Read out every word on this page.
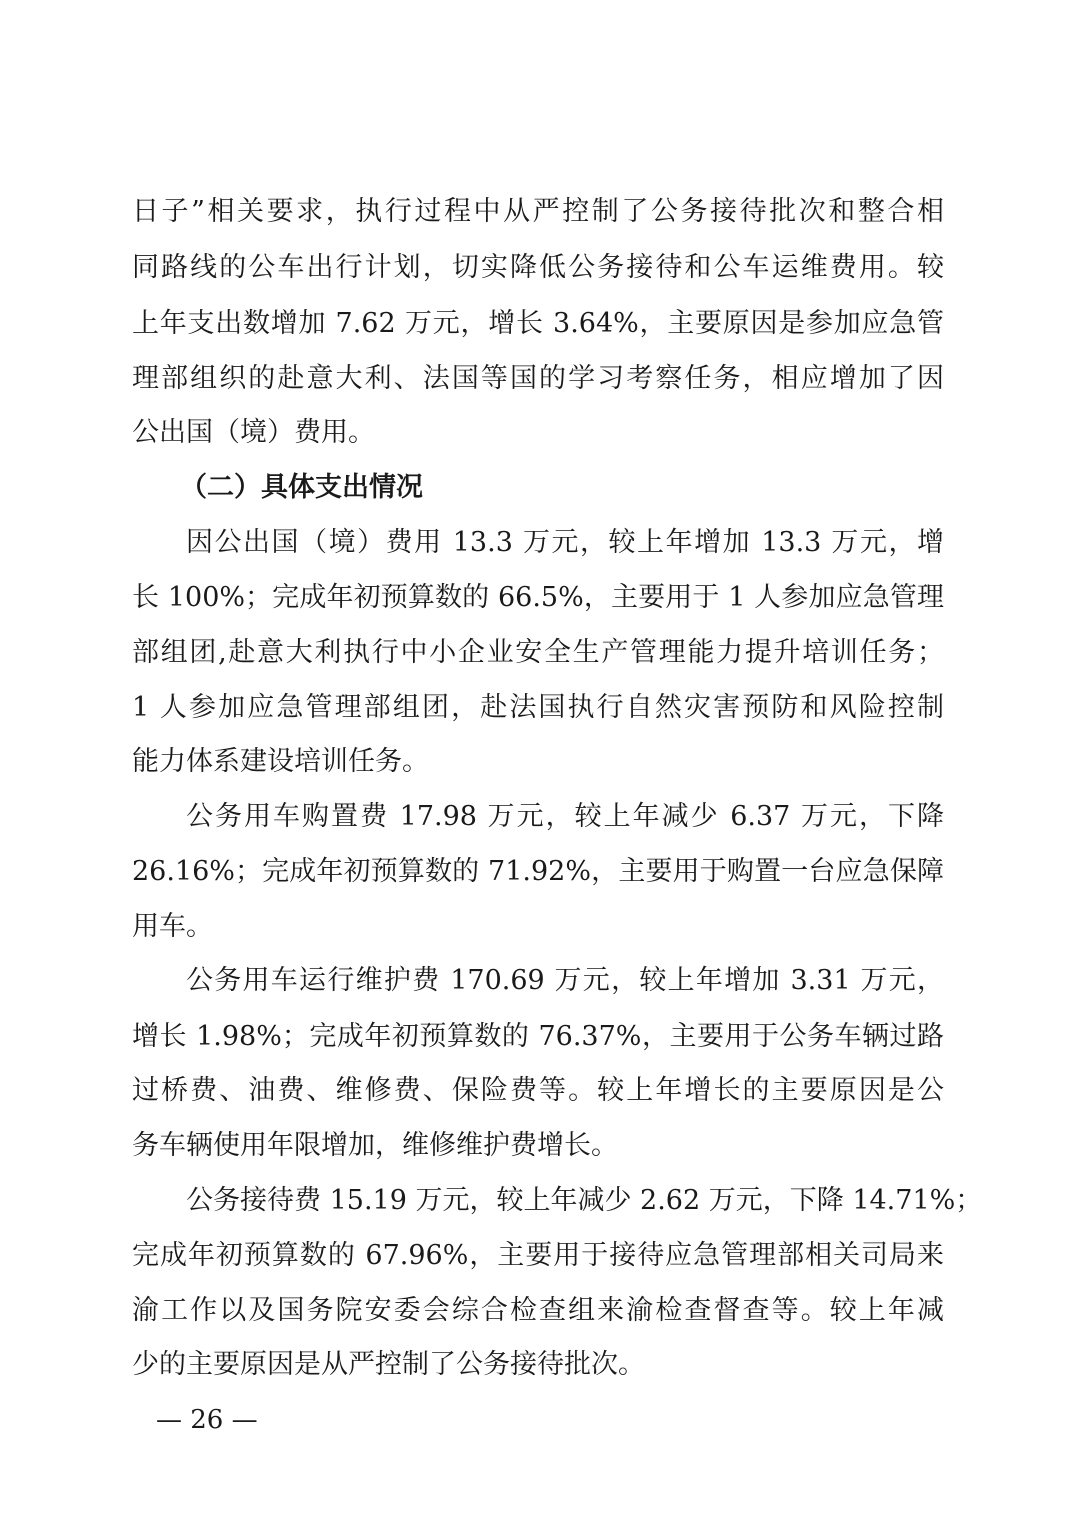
日子”相关要求，执行过程中从严控制了公务接待批次和整合相
同路线的公车出行计划，切实降低公务接待和公车运维费用。较
上年支出数增加 7.62 万元，增长 3.64%，主要原因是参加应急管
理部组织的赴意大利、法国等国的学习考察任务，相应增加了因
公出国（境）费用。
（二）具体支出情况
因公出国（境）费用 13.3 万元，较上年增加 13.3 万元，增
长 100%；完成年初预算数的 66.5%，主要用于 1 人参加应急管理
部组团,赴意大利执行中小企业安全生产管理能力提升培训任务；
1 人参加应急管理部组团，赴法国执行自然灾害预防和风险控制
能力体系建设培训任务。
公务用车购置费 17.98 万元，较上年减少 6.37 万元，下降
26.16%；完成年初预算数的 71.92%，主要用于购置一台应急保障
用车。
公务用车运行维护费 170.69 万元，较上年增加 3.31 万元，
增长 1.98%；完成年初预算数的 76.37%，主要用于公务车辆过路
过桥费、油费、维修费、保险费等。较上年增长的主要原因是公
务车辆使用年限增加，维修维护费增长。
公务接待费 15.19 万元，较上年减少 2.62 万元，下降 14.71%；
完成年初预算数的 67.96%，主要用于接待应急管理部相关司局来
渝工作以及国务院安委会综合检查组来渝检查督查等。较上年减
少的主要原因是从严控制了公务接待批次。
— 26 —
